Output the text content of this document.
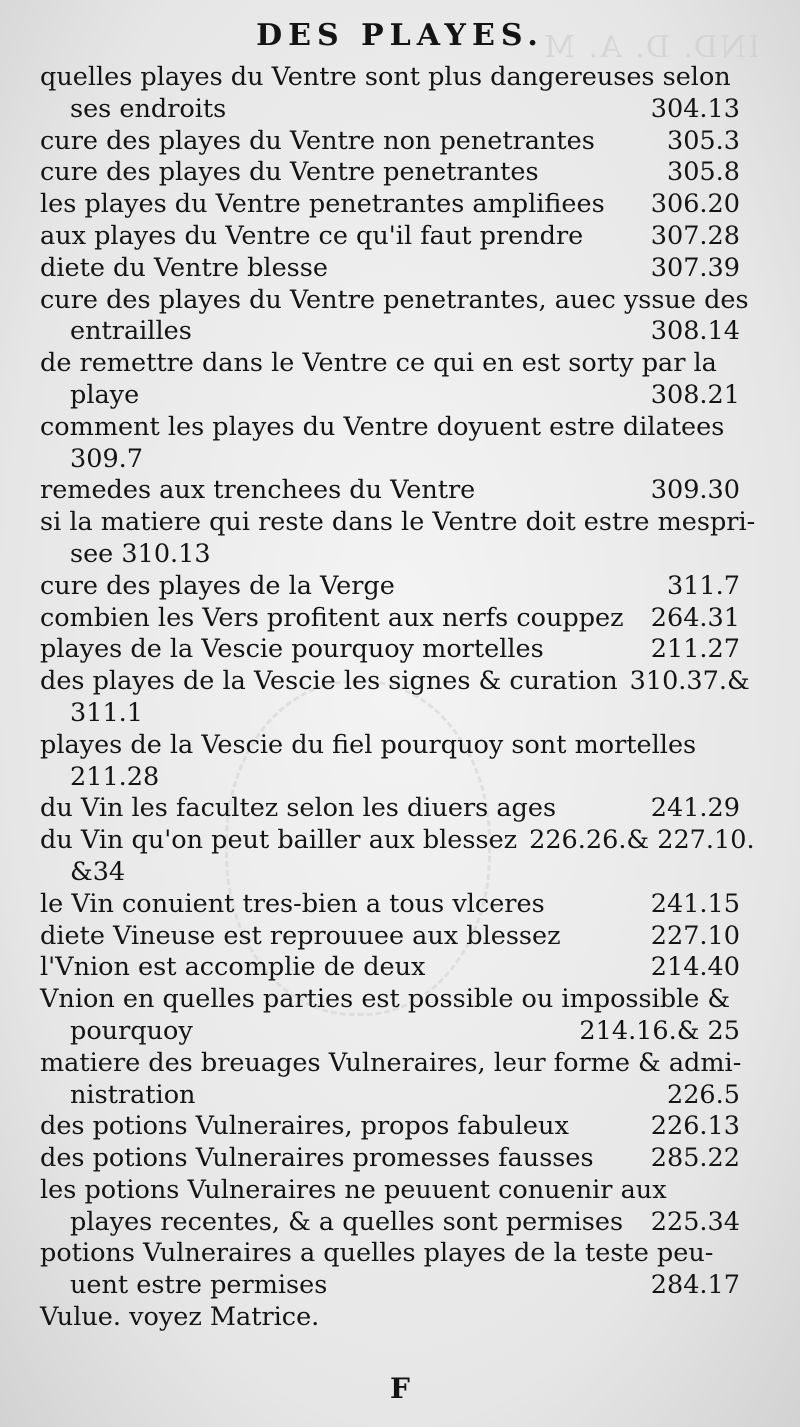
IND. D. A. M
DES PLAYES.
quelles playes du Ventre sont plus dangereuses selon
ses endroits	304.13
cure des playes du Ventre non penetrantes	305.3
cure des playes du Ventre penetrantes	305.8
les playes du Ventre penetrantes amplifiees	306.20
aux playes du Ventre ce qu'il faut prendre	307.28
diete du Ventre blesse	307.39
cure des playes du Ventre penetrantes, auec yssue des
entrailles	308.14
de remettre dans le Ventre ce qui en est sorty par la
playe	308.21
comment les playes du Ventre doyuent estre dilatees
309.7
remedes aux trenchees du Ventre	309.30
si la matiere qui reste dans le Ventre doit estre mespri-
see 310.13
cure des playes de la Verge	311.7
combien les Vers profitent aux nerfs couppez	264.31
playes de la Vescie pourquoy mortelles	211.27
des playes de la Vescie les signes & curation 310.37.&
311.1
playes de la Vescie du fiel pourquoy sont mortelles
211.28
du Vin les facultez selon les diuers ages	241.29
du Vin qu'on peut bailler aux blessez 226.26.& 227.10.
&34
le Vin conuient tres-bien a tous vlceres	241.15
diete Vineuse est reprouuee aux blessez	227.10
l'Vnion est accomplie de deux	214.40
Vnion en quelles parties est possible ou impossible &
pourquoy	214.16.& 25
matiere des breuages Vulneraires, leur forme & admi-
nistration	226.5
des potions Vulneraires, propos fabuleux	226.13
des potions Vulneraires promesses fausses	285.22
les potions Vulneraires ne peuuent conuenir aux
playes recentes, & a quelles sont permises	225.34
potions Vulneraires a quelles playes de la teste peu-
uent estre permises	284.17
Vulue. voyez Matrice.
F
